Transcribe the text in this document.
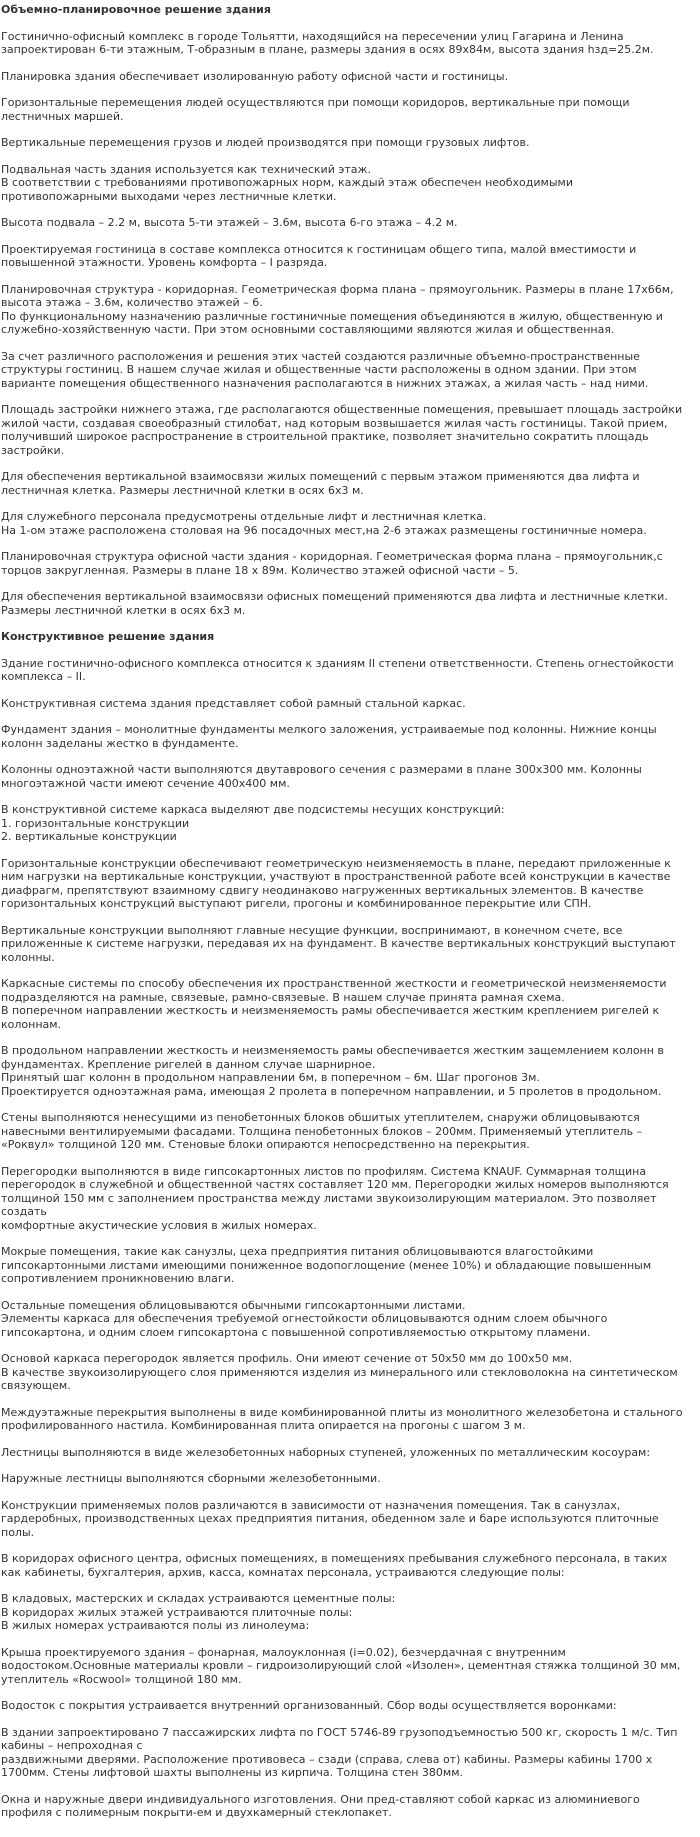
Объемно-планировочное решение здания

Гостинично-офисный комплекс в городе Тольятти, находящийся на пересечении улиц Гагарина и Ленина запроектирован 6-ти этажным, Т-образным в плане, размеры здания в осях 89х84м, высота здания hзд=25.2м.

Планировка здания обеспечивает изолированную работу офисной части и гостиницы.

Горизонтальные перемещения людей осуществляются при помощи коридоров, вертикальные при помощи лестничных маршей.

Вертикальные перемещения грузов и людей производятся при помощи грузовых лифтов.

Подвальная часть здания используется как технический этаж.
В соответствии с требованиями противопожарных норм, каждый этаж обеспечен необходимыми противопожарными выходами через лестничные клетки.

Высота подвала – 2.2 м, высота 5-ти этажей – 3.6м, высота 6-го этажа – 4.2 м.

Проектируемая гостиница в составе комплекса относится к гостиницам общего типа, малой вместимости и повышенной этажности. Уровень комфорта – I разряда.

Планировочная структура - коридорная. Геометрическая форма плана – прямоугольник. Размеры в плане 17х66м, высота этажа – 3.6м, количество этажей – 6.
По функциональному назначению различные гостиничные помещения объединяются в жилую, общественную и служебно-хозяйственную части. При этом основными составляющими являются жилая и общественная.

За счет различного расположения и решения этих частей создаются различные объемно-пространственные структуры гостиниц. В нашем случае жилая и общественные части расположены в одном здании. При этом варианте помещения общественного назначения располагаются в нижних этажах, а жилая часть – над ними.

Площадь застройки нижнего этажа, где располагаются общественные помещения, превышает площадь застройки жилой части, создавая своеобразный стилобат, над которым возвышается жилая часть гостиницы. Такой прием, получивший широкое распространение в строительной практике, позволяет значительно сократить площадь застройки.

Для обеспечения вертикальной взаимосвязи жилых помещений с первым этажом применяются два лифта и лестничная клетка. Размеры лестничной клетки в осях 6х3 м.

Для служебного персонала предусмотрены отдельные лифт и лестничная клетка.
На 1-ом этаже расположена столовая на 96 посадочных мест,на 2-6 этажах размещены гостиничные номера.

Планировочная структура офисной части здания - коридорная. Геометрическая форма плана – прямоугольник,с торцов закругленная. Размеры в плане 18 х 89м. Количество этажей офисной части – 5.

Для обеспечения вертикальной взаимосвязи офисных помещений применяются два лифта и лестничные клетки. Размеры лестничной клетки в осях 6х3 м.

Конструктивное решение здания

Здание гостинично-офисного комплекса относится к зданиям II степени ответственности. Степень огнестойкости комплекса – II.

Конструктивная система здания представляет собой рамный стальной каркас.

Фундамент здания – монолитные фундаменты мелкого заложения, устраиваемые под колонны. Нижние концы колонн заделаны жестко в фундаменте.

Колонны одноэтажной части выполняются двутаврового сечения с размерами в плане 300х300 мм. Колонны многоэтажной части имеют сечение 400х400 мм.

В конструктивной системе каркаса выделяют две подсистемы несущих конструкций:
1. горизонтальные конструкции
2. вертикальные конструкции

Горизонтальные конструкции обеспечивают геометрическую неизменяемость в плане, передают приложенные к ним нагрузки на вертикальные конструкции, участвуют в пространственной работе всей конструкции в качестве диафрагм, препятствуют взаимному сдвигу неодинаково нагруженных вертикальных элементов. В качестве горизонтальных конструкций выступают ригели, прогоны и комбинированное перекрытие или СПН.

Вертикальные конструкции выполняют главные несущие функции, воспринимают, в конечном счете, все приложенные к системе нагрузки, передавая их на фундамент. В качестве вертикальных конструкций выступают колонны.

Каркасные системы по способу обеспечения их пространственной жесткости и геометрической неизменяемости подразделяются на рамные, связевые, рамно-связевые. В нашем случае принята рамная схема.
В поперечном направлении жесткость и неизменяемость рамы обеспечивается жестким креплением ригелей к колоннам.

В продольном направлении жесткость и неизменяемость рамы обеспечивается жестким защемлением колонн в фундаментах. Крепление ригелей в данном случае шарнирное.
Принятый шаг колонн в продольном направлении 6м, в поперечном – 6м. Шаг прогонов 3м.
Проектируется одноэтажная рама, имеющая 2 пролета в поперечном направлении, и 5 пролетов в продольном.

Стены выполняются ненесущими из пенобетонных блоков обшитых утеплителем, снаружи облицовываются навесными вентилируемыми фасадами. Толщина пенобетонных блоков – 200мм. Применяемый утеплитель – «Роквул» толщиной 120 мм. Стеновые блоки опираются непосредственно на перекрытия.

Перегородки выполняются в виде гипсокартонных листов по профилям. Система KNAUF. Суммарная толщина перегородок в служебной и общественной частях составляет 120 мм. Перегородки жилых номеров выполняются толщиной 150 мм с заполнением пространства между листами звукоизолирующим материалом. Это позволяет создать
комфортные акустические условия в жилых номерах.

Мокрые помещения, такие как санузлы, цеха предприятия питания облицовываются влагостойкими гипсокартонными листами имеющими пониженное водопоглощение (менее 10%) и обладающие повышенным сопротивлением проникновению влаги.

Остальные помещения облицовываются обычными гипсокартонными листами.
Элементы каркаса для обеспечения требуемой огнестойкости облицовываются одним слоем обычного гипсокартона, и одним слоем гипсокартона с повышенной сопротивляемостью открытому пламени.

Основой каркаса перегородок является профиль. Они имеют сечение от 50х50 мм до 100х50 мм.
В качестве звукоизолирующего слоя применяются изделия из минерального или стекловолокна на синтетическом связующем.

Междуэтажные перекрытия выполнены в виде комбинированной плиты из монолитного железобетона и стального профилированного настила. Комбинированная плита опирается на прогоны с шагом 3 м.

Лестницы выполняются в виде железобетонных наборных ступеней, уложенных по металлическим косоурам:

Наружные лестницы выполняются сборными железобетонными.

Конструкции применяемых полов различаются в зависимости от назначения помещения. Так в санузлах, гардеробных, производственных цехах предприятия питания, обеденном зале и баре используются плиточные полы.

В коридорах офисного центра, офисных помещениях, в помещениях пребывания служебного персонала, в таких как кабинеты, бухгалтерия, архив, касса, комнатах персонала, устраиваются следующие полы:

В кладовых, мастерских и складах устраиваются цементные полы:
В коридорах жилых этажей устраиваются плиточные полы:
В жилых номерах устраиваются полы из линолеума:

Крыша проектируемого здания – фонарная, малоуклонная (i=0.02), безчердачная с внутренним водостоком.Основные материалы кровли – гидроизолирующий слой «Изолен», цементная стяжка толщиной 30 мм, утеплитель «Rocwool» толщиной 180 мм.

Водосток с покрытия устраивается внутренний организованный. Сбор воды осуществляется воронками:

В здании запроектировано 7 пассажирских лифта по ГОСТ 5746-89 грузоподъемностью 500 кг, скорость 1 м/с. Тип кабины – непроходная с
раздвижными дверями. Расположение противовеса – сзади (справа, слева от) кабины. Размеры кабины 1700 х 1700мм. Стены лифтовой шахты выполнены из кирпича. Толщина стен 380мм.

Окна и наружные двери индивидуального изготовления. Они пред-ставляют собой каркас из алюминиевого профиля с полимерным покрыти-ем и двухкамерный стеклопакет.
